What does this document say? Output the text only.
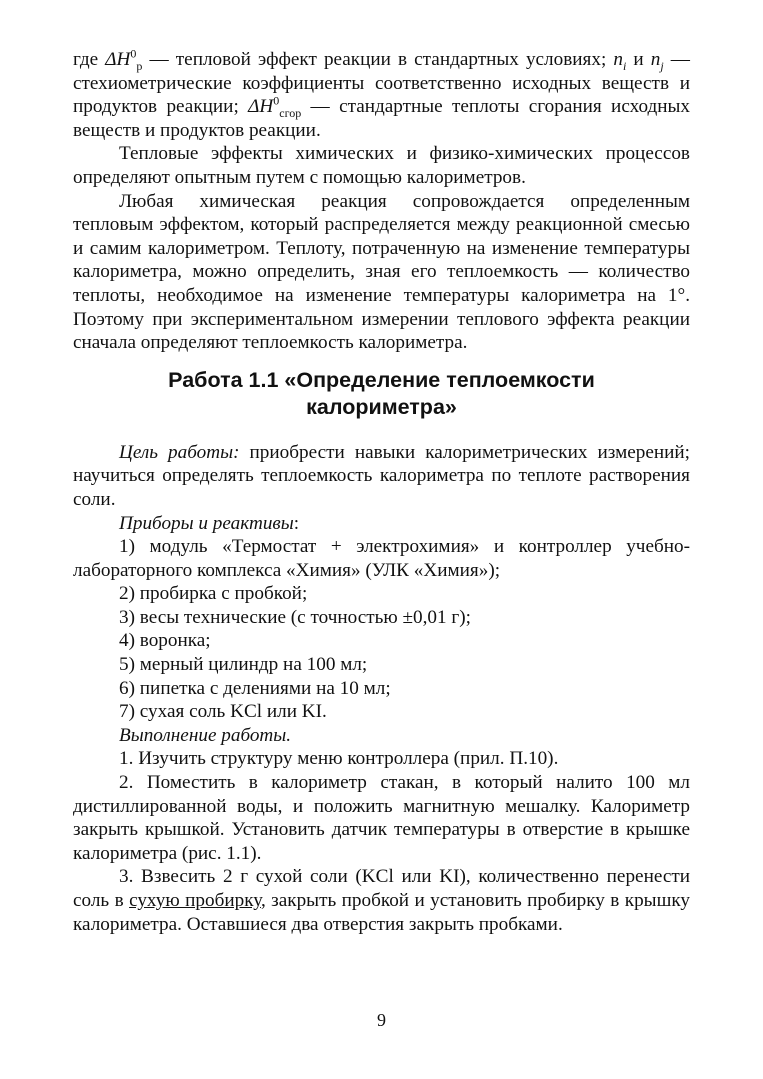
где $\Delta H^0_р$ — тепловой эффект реакции в стандартных условиях; $n_i$ и $n_j$ — стехиометрические коэффициенты соответственно исходных веществ и продуктов реакции; $\Delta H^0_{сгор}$ — стандартные теплоты сгорания исходных веществ и продуктов реакции.

Тепловые эффекты химических и физико-химических процессов определяют опытным путем с помощью калориметров.

Любая химическая реакция сопровождается определенным тепловым эффектом, который распределяется между реакционной смесью и самим калориметром. Теплоту, потраченную на изменение температуры калориметра, можно определить, зная его теплоемкость — количество теплоты, необходимое на изменение температуры калориметра на 1°. Поэтому при экспериментальном измерении теплового эффекта реакции сначала определяют теплоемкость калориметра.

Работа 1.1 «Определение теплоемкости
калориметра»

Цель работы: приобрести навыки калориметрических измерений; научиться определять теплоемкость калориметра по теплоте растворения соли.

Приборы и реактивы:

1) модуль «Термостат + электрохимия» и контроллер учебно-лабораторного комплекса «Химия» (УЛК «Химия»);

2) пробирка с пробкой;

3) весы технические (с точностью ±0,01 г);

4) воронка;

5) мерный цилиндр на 100 мл;

6) пипетка с делениями на 10 мл;

7) сухая соль KCl или KI.

Выполнение работы.

1. Изучить структуру меню контроллера (прил. П.10).

2. Поместить в калориметр стакан, в который налито 100 мл дистиллированной воды, и положить магнитную мешалку. Калориметр закрыть крышкой. Установить датчик температуры в отверстие в крышке калориметра (рис. 1.1).

3. Взвесить 2 г сухой соли (KCl или KI), количественно перенести соль в сухую пробирку, закрыть пробкой и установить пробирку в крышку калориметра. Оставшиеся два отверстия закрыть пробками.

9
